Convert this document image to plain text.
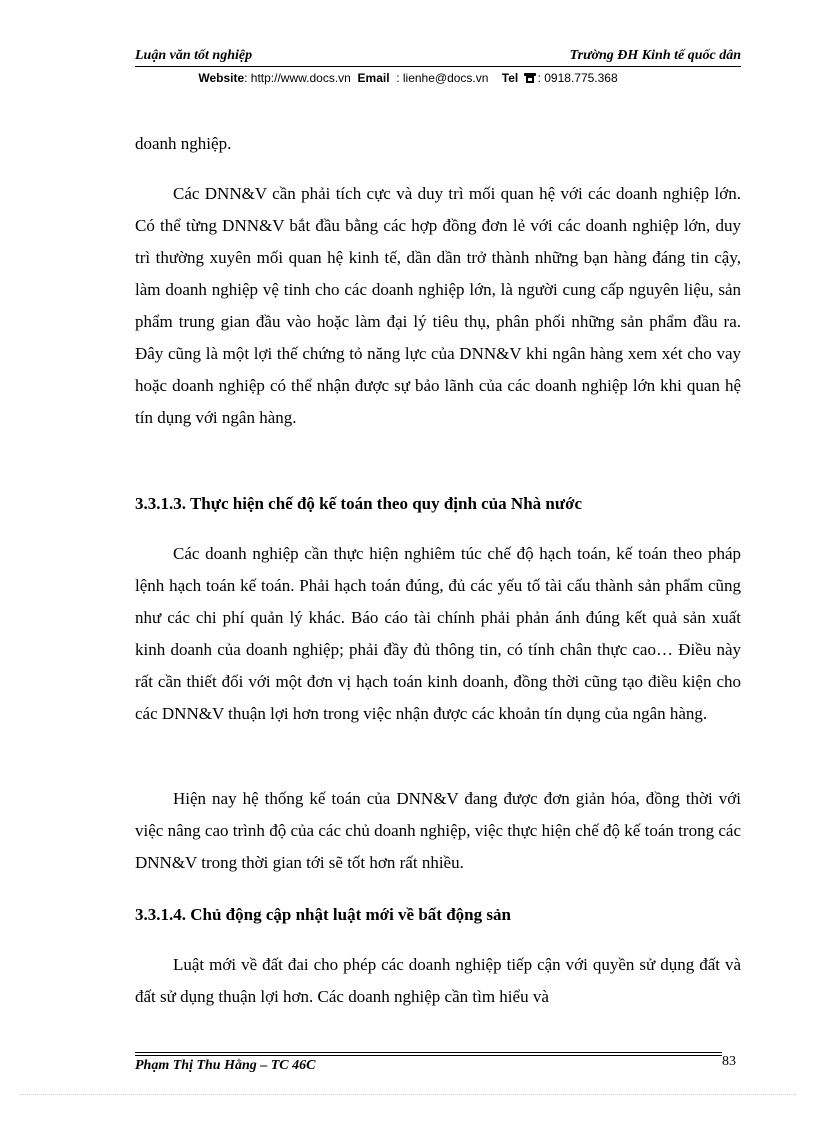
Luận văn tốt nghiệp	Trường ĐH Kinh tế quốc dân
Website: http://www.docs.vn Email : lienhe@docs.vn Tel : 0918.775.368
doanh nghiệp.
Các DNN&V cần phải tích cực và duy trì mối quan hệ với các doanh nghiệp lớn. Có thể từng DNN&V bắt đầu bằng các hợp đồng đơn lẻ với các doanh nghiệp lớn, duy trì thường xuyên mối quan hệ kinh tế, dần dần trở thành những bạn hàng đáng tin cậy, làm doanh nghiệp vệ tinh cho các doanh nghiệp lớn, là người cung cấp nguyên liệu, sản phẩm trung gian đầu vào hoặc làm đại lý tiêu thụ, phân phối những sản phẩm đầu ra. Đây cũng là một lợi thế chứng tỏ năng lực của DNN&V khi ngân hàng xem xét cho vay hoặc doanh nghiệp có thể nhận được sự bảo lãnh của các doanh nghiệp lớn khi quan hệ tín dụng với ngân hàng.
3.3.1.3. Thực hiện chế độ kế toán theo quy định của Nhà nước
Các doanh nghiệp cần thực hiện nghiêm túc chế độ hạch toán, kế toán theo pháp lệnh hạch toán kế toán. Phải hạch toán đúng, đủ các yếu tố tài cấu thành sản phẩm cũng như các chi phí quản lý khác. Báo cáo tài chính phải phản ánh đúng kết quả sản xuất kinh doanh của doanh nghiệp; phải đầy đủ thông tin, có tính chân thực cao… Điều này rất cần thiết đối với một đơn vị hạch toán kinh doanh, đồng thời cũng tạo điều kiện cho các DNN&V thuận lợi hơn trong việc nhận được các khoản tín dụng của ngân hàng.
Hiện nay hệ thống kế toán của DNN&V đang được đơn giản hóa, đồng thời với việc nâng cao trình độ của các chủ doanh nghiệp, việc thực hiện chế độ kế toán trong các DNN&V trong thời gian tới sẽ tốt hơn rất nhiều.
3.3.1.4. Chủ động cập nhật luật mới về bất động sản
Luật mới về đất đai cho phép các doanh nghiệp tiếp cận với quyền sử dụng đất và đất sử dụng thuận lợi hơn. Các doanh nghiệp cần tìm hiểu và
Phạm Thị Thu Hằng – TC 46C	83
